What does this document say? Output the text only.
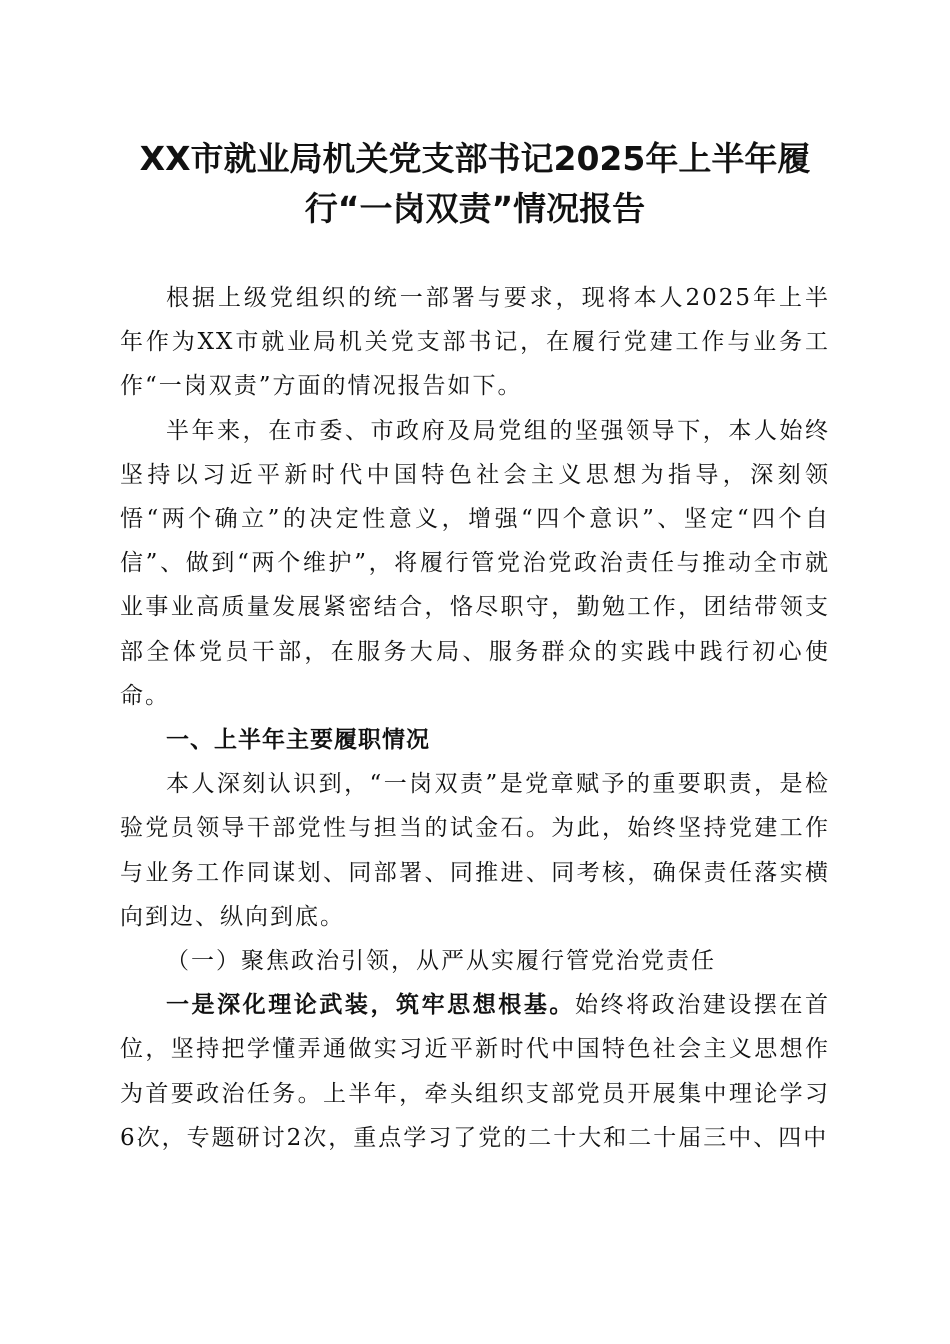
XX市就业局机关党支部书记2025年上半年履
行“一岗双责”情况报告

根据上级党组织的统一部署与要求，现将本人2025年上半年作为XX市就业局机关党支部书记，在履行党建工作与业务工作“一岗双责”方面的情况报告如下。

半年来，在市委、市政府及局党组的坚强领导下，本人始终坚持以习近平新时代中国特色社会主义思想为指导，深刻领悟“两个确立”的决定性意义，增强“四个意识”、坚定“四个自信”、做到“两个维护”，将履行管党治党政治责任与推动全市就业事业高质量发展紧密结合，恪尽职守，勤勉工作，团结带领支部全体党员干部，在服务大局、服务群众的实践中践行初心使命。

一、上半年主要履职情况

本人深刻认识到，“一岗双责”是党章赋予的重要职责，是检验党员领导干部党性与担当的试金石。为此，始终坚持党建工作与业务工作同谋划、同部署、同推进、同考核，确保责任落实横向到边、纵向到底。

（一）聚焦政治引领，从严从实履行管党治党责任

一是深化理论武装，筑牢思想根基。始终将政治建设摆在首位，坚持把学懂弄通做实习近平新时代中国特色社会主义思想作为首要政治任务。上半年，牵头组织支部党员开展集中理论学习6次，专题研讨2次，重点学习了党的二十大和二十届三中、四中
